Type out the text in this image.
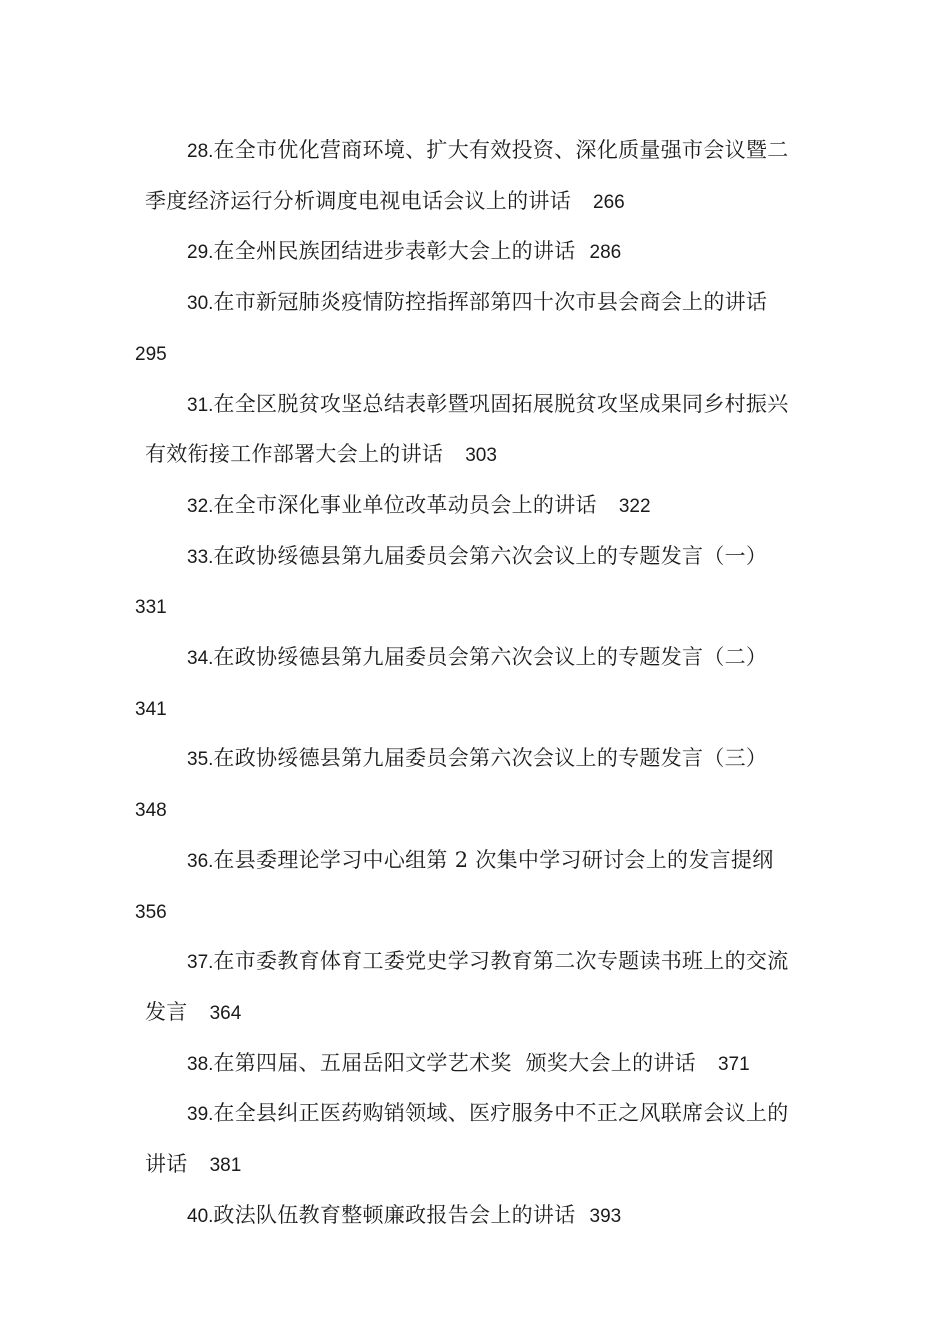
28.在全市优化营商环境、扩大有效投资、深化质量强市会议暨二季度经济运行分析调度电视电话会议上的讲话 266
29.在全州民族团结进步表彰大会上的讲话 286
30.在市新冠肺炎疫情防控指挥部第四十次市县会商会上的讲话
295
31.在全区脱贫攻坚总结表彰暨巩固拓展脱贫攻坚成果同乡村振兴有效衔接工作部署大会上的讲话 303
32.在全市深化事业单位改革动员会上的讲话 322
33.在政协绥德县第九届委员会第六次会议上的专题发言（一）
331
34.在政协绥德县第九届委员会第六次会议上的专题发言（二）
341
35.在政协绥德县第九届委员会第六次会议上的专题发言（三）
348
36.在县委理论学习中心组第 2 次集中学习研讨会上的发言提纲
356
37.在市委教育体育工委党史学习教育第二次专题读书班上的交流发言 364
38.在第四届、五届岳阳文学艺术奖  颁奖大会上的讲话 371
39.在全县纠正医药购销领域、医疗服务中不正之风联席会议上的讲话 381
40.政法队伍教育整顿廉政报告会上的讲话 393
